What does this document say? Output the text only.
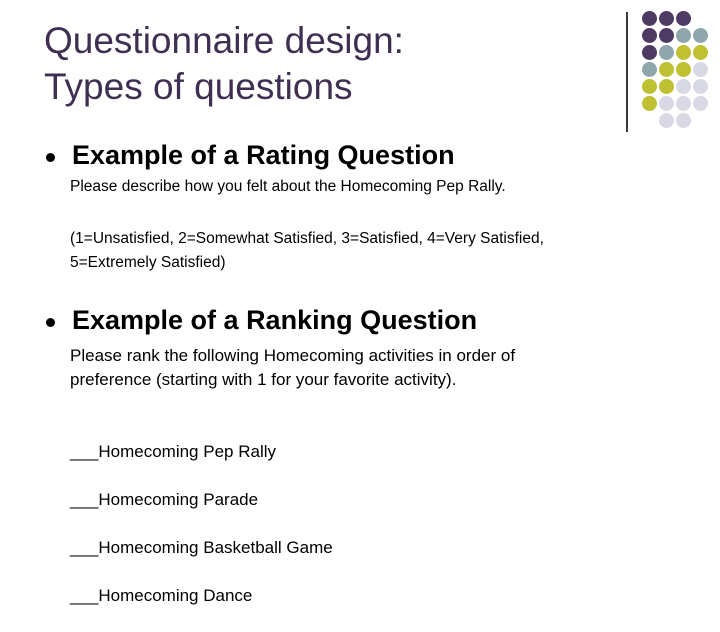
Questionnaire design:
Types of questions
Example of a Rating Question
Please describe how you felt about the Homecoming Pep Rally.
(1=Unsatisfied, 2=Somewhat Satisfied, 3=Satisfied, 4=Very Satisfied,
5=Extremely Satisfied)
Example of a Ranking Question
Please rank the following Homecoming activities in order of
preference (starting with 1 for your favorite activity).

___Homecoming Pep Rally

___Homecoming Parade

___Homecoming Basketball Game

___Homecoming Dance
